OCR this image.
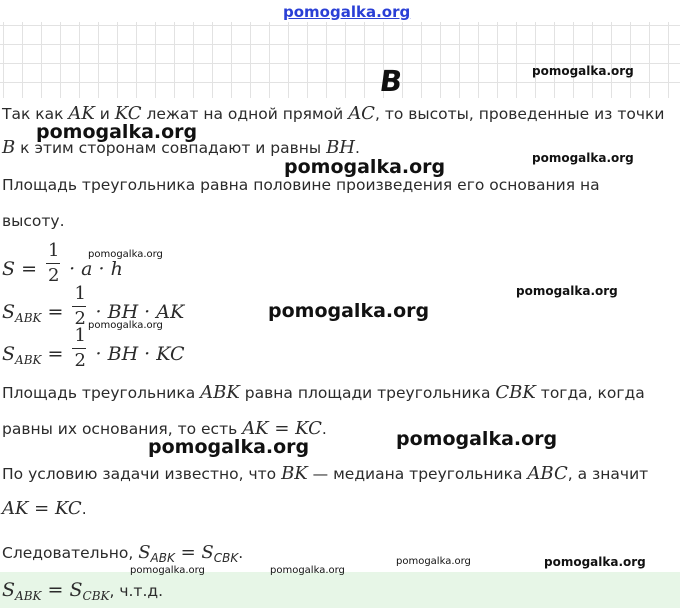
pomogalka.org
B
Так как AK и KC лежат на одной прямой AC, то высоты, проведенные из точки
B к этим сторонам совпадают и равны BH.
Площадь треугольника равна половине произведения его основания на
высоту.
$S = \frac{1}{2} \cdot a \cdot h$
$S_{ABK} = \frac{1}{2}$ · BH · AK
$S_{ABK} = \frac{1}{2}$ · BH · KC
Площадь треугольника ABK равна площади треугольника CBK тогда, когда
равны их основания, то есть AK = KC.
По условию задачи известно, что BK — медиана треугольника ABC, а значит
AK = KC.
Следовательно, $S_{ABK} = S_{CBK}$.
$S_{ABK} = S_{CBK}$, ч.т.д.
pomogalka.org
pomogalka.org
pomogalka.org	pomogalka.org
pomogalka.org
pomogalka.org
pomogalka.org
pomogalka.org
pomogalka.org
pomogalka.org
pomogalka.org	pomogalka.org
pomogalka.org	pomogalka.org
